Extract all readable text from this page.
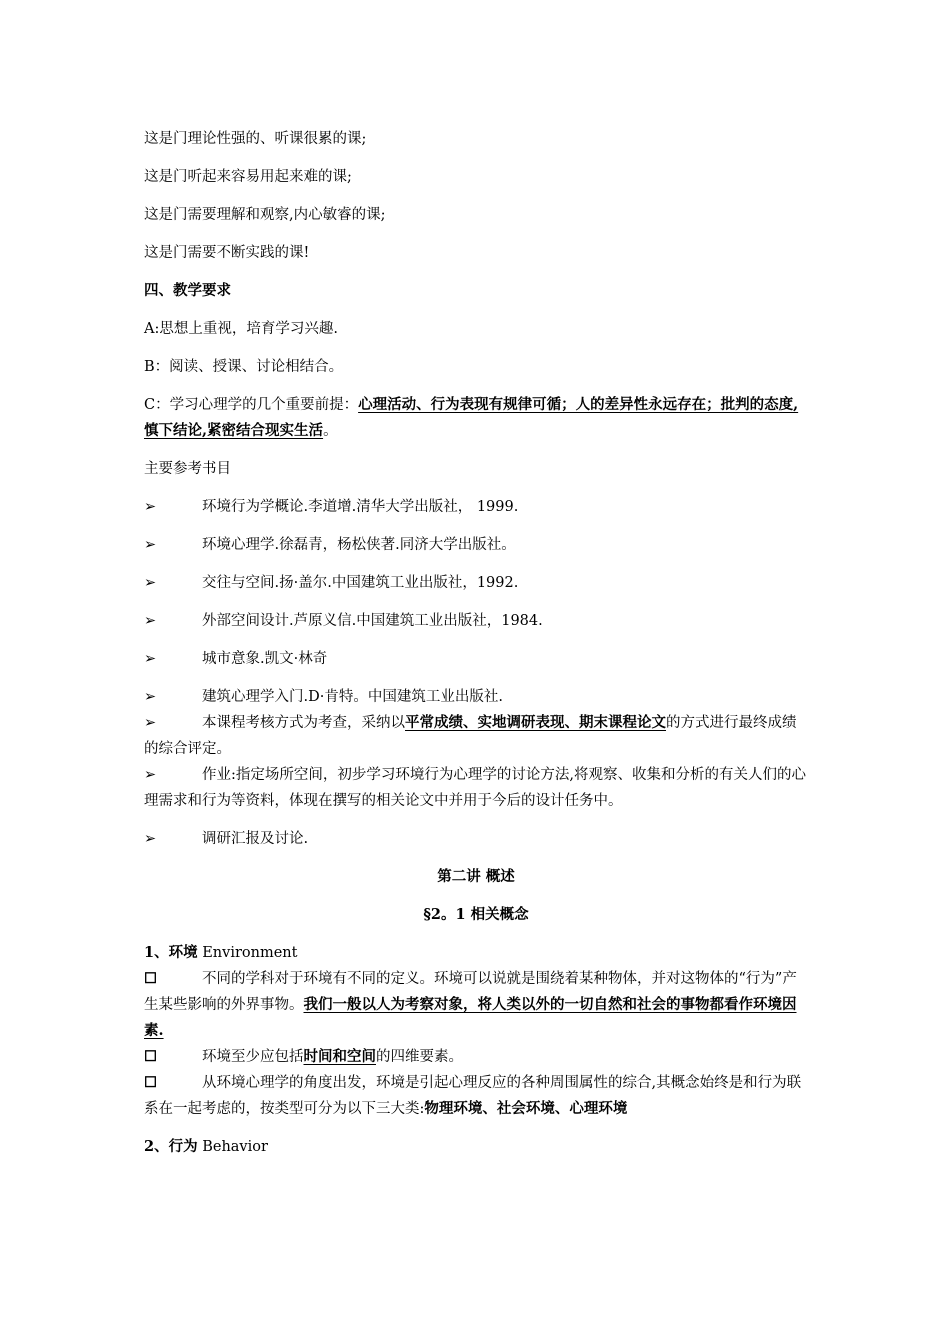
这是门理论性强的、听课很累的课;

这是门听起来容易用起来难的课;

这是门需要理解和观察,内心敏睿的课;

这是门需要不断实践的课!

四、教学要求

A:思想上重视，培育学习兴趣.

B：阅读、授课、讨论相结合。

C：学习心理学的几个重要前提：心理活动、行为表现有规律可循；人的差异性永远存在；批判的态度,慎下结论,紧密结合现实生活。

主要参考书目

➢	环境行为学概论.李道增.清华大学出版社， 1999.
➢	环境心理学.徐磊青，杨松侠著.同济大学出版社。
➢	交往与空间.扬·盖尔.中国建筑工业出版社，1992.
➢	外部空间设计.芦原义信.中国建筑工业出版社，1984.
➢	城市意象.凯文·林奇
➢	建筑心理学入门.D·肯特。中国建筑工业出版社.

➢	本课程考核方式为考查，采纳以平常成绩、实地调研表现、期末课程论文的方式进行最终成绩的综合评定。

➢	作业:指定场所空间，初步学习环境行为心理学的讨论方法,将观察、收集和分析的有关人们的心理需求和行为等资料，体现在撰写的相关论文中并用于今后的设计任务中。

➢	调研汇报及讨论.

第二讲 概述

§2。1 相关概念

1、环境 Environment

☐	不同的学科对于环境有不同的定义。环境可以说就是围绕着某种物体，并对这物体的“行为”产生某些影响的外界事物。我们一般以人为考察对象，将人类以外的一切自然和社会的事物都看作环境因素.

☐	环境至少应包括时间和空间的四维要素。

☐	从环境心理学的角度出发，环境是引起心理反应的各种周围属性的综合,其概念始终是和行为联系在一起考虑的，按类型可分为以下三大类:物理环境、社会环境、心理环境

2、行为 Behavior
